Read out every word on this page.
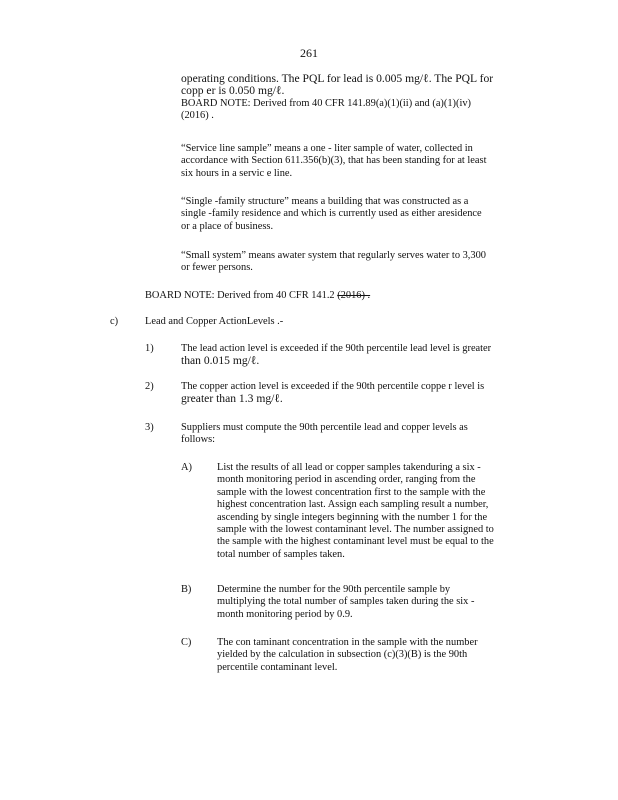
261
operating conditions. The PQL for lead is 0.005 mg/ℓ. The PQL for
copp er is 0.050 mg/ℓ.
BOARD NOTE: Derived from 40 CFR 141.89(a)(1)(ii) and (a)(1)(iv)
(2016) .
“Service line sample” means a one - liter sample of water, collected in
accordance with Section 611.356(b)(3), that has been standing for at least
six hours in a servic e line.
“Single -family structure” means a building that was constructed as a
single -family residence and which is currently used as either aresidence
or a place of business.
“Small system” means awater system that regularly serves water to 3,300
or fewer persons.
BOARD NOTE: Derived from 40 CFR 141.2 (2016) .
c)	Lead and Copper ActionLevels .-
1)	The lead action level is exceeded if the 90th percentile lead level is greater
than 0.015 mg/ℓ.
2)	The copper action level is exceeded if the 90th percentile coppe r level is
greater than 1.3 mg/ℓ.
3)	Suppliers must compute the 90th percentile lead and copper levels as
follows:
A) List the results of all lead or copper samples takenduring a six -
month monitoring period in ascending order, ranging from the
sample with the lowest concentration first to the sample with the
highest concentration last. Assign each sampling result a number,
ascending by single integers beginning with the number 1 for the
sample with the lowest contaminant level. The number assigned to
the sample with the highest contaminant level must be equal to the
total number of samples taken.
B) Determine the number for the 90th percentile sample by
multiplying the total number of samples taken during the six -
month monitoring period by 0.9.
C) The con taminant concentration in the sample with the number
yielded by the calculation in subsection (c)(3)(B) is the 90th
percentile contaminant level.
